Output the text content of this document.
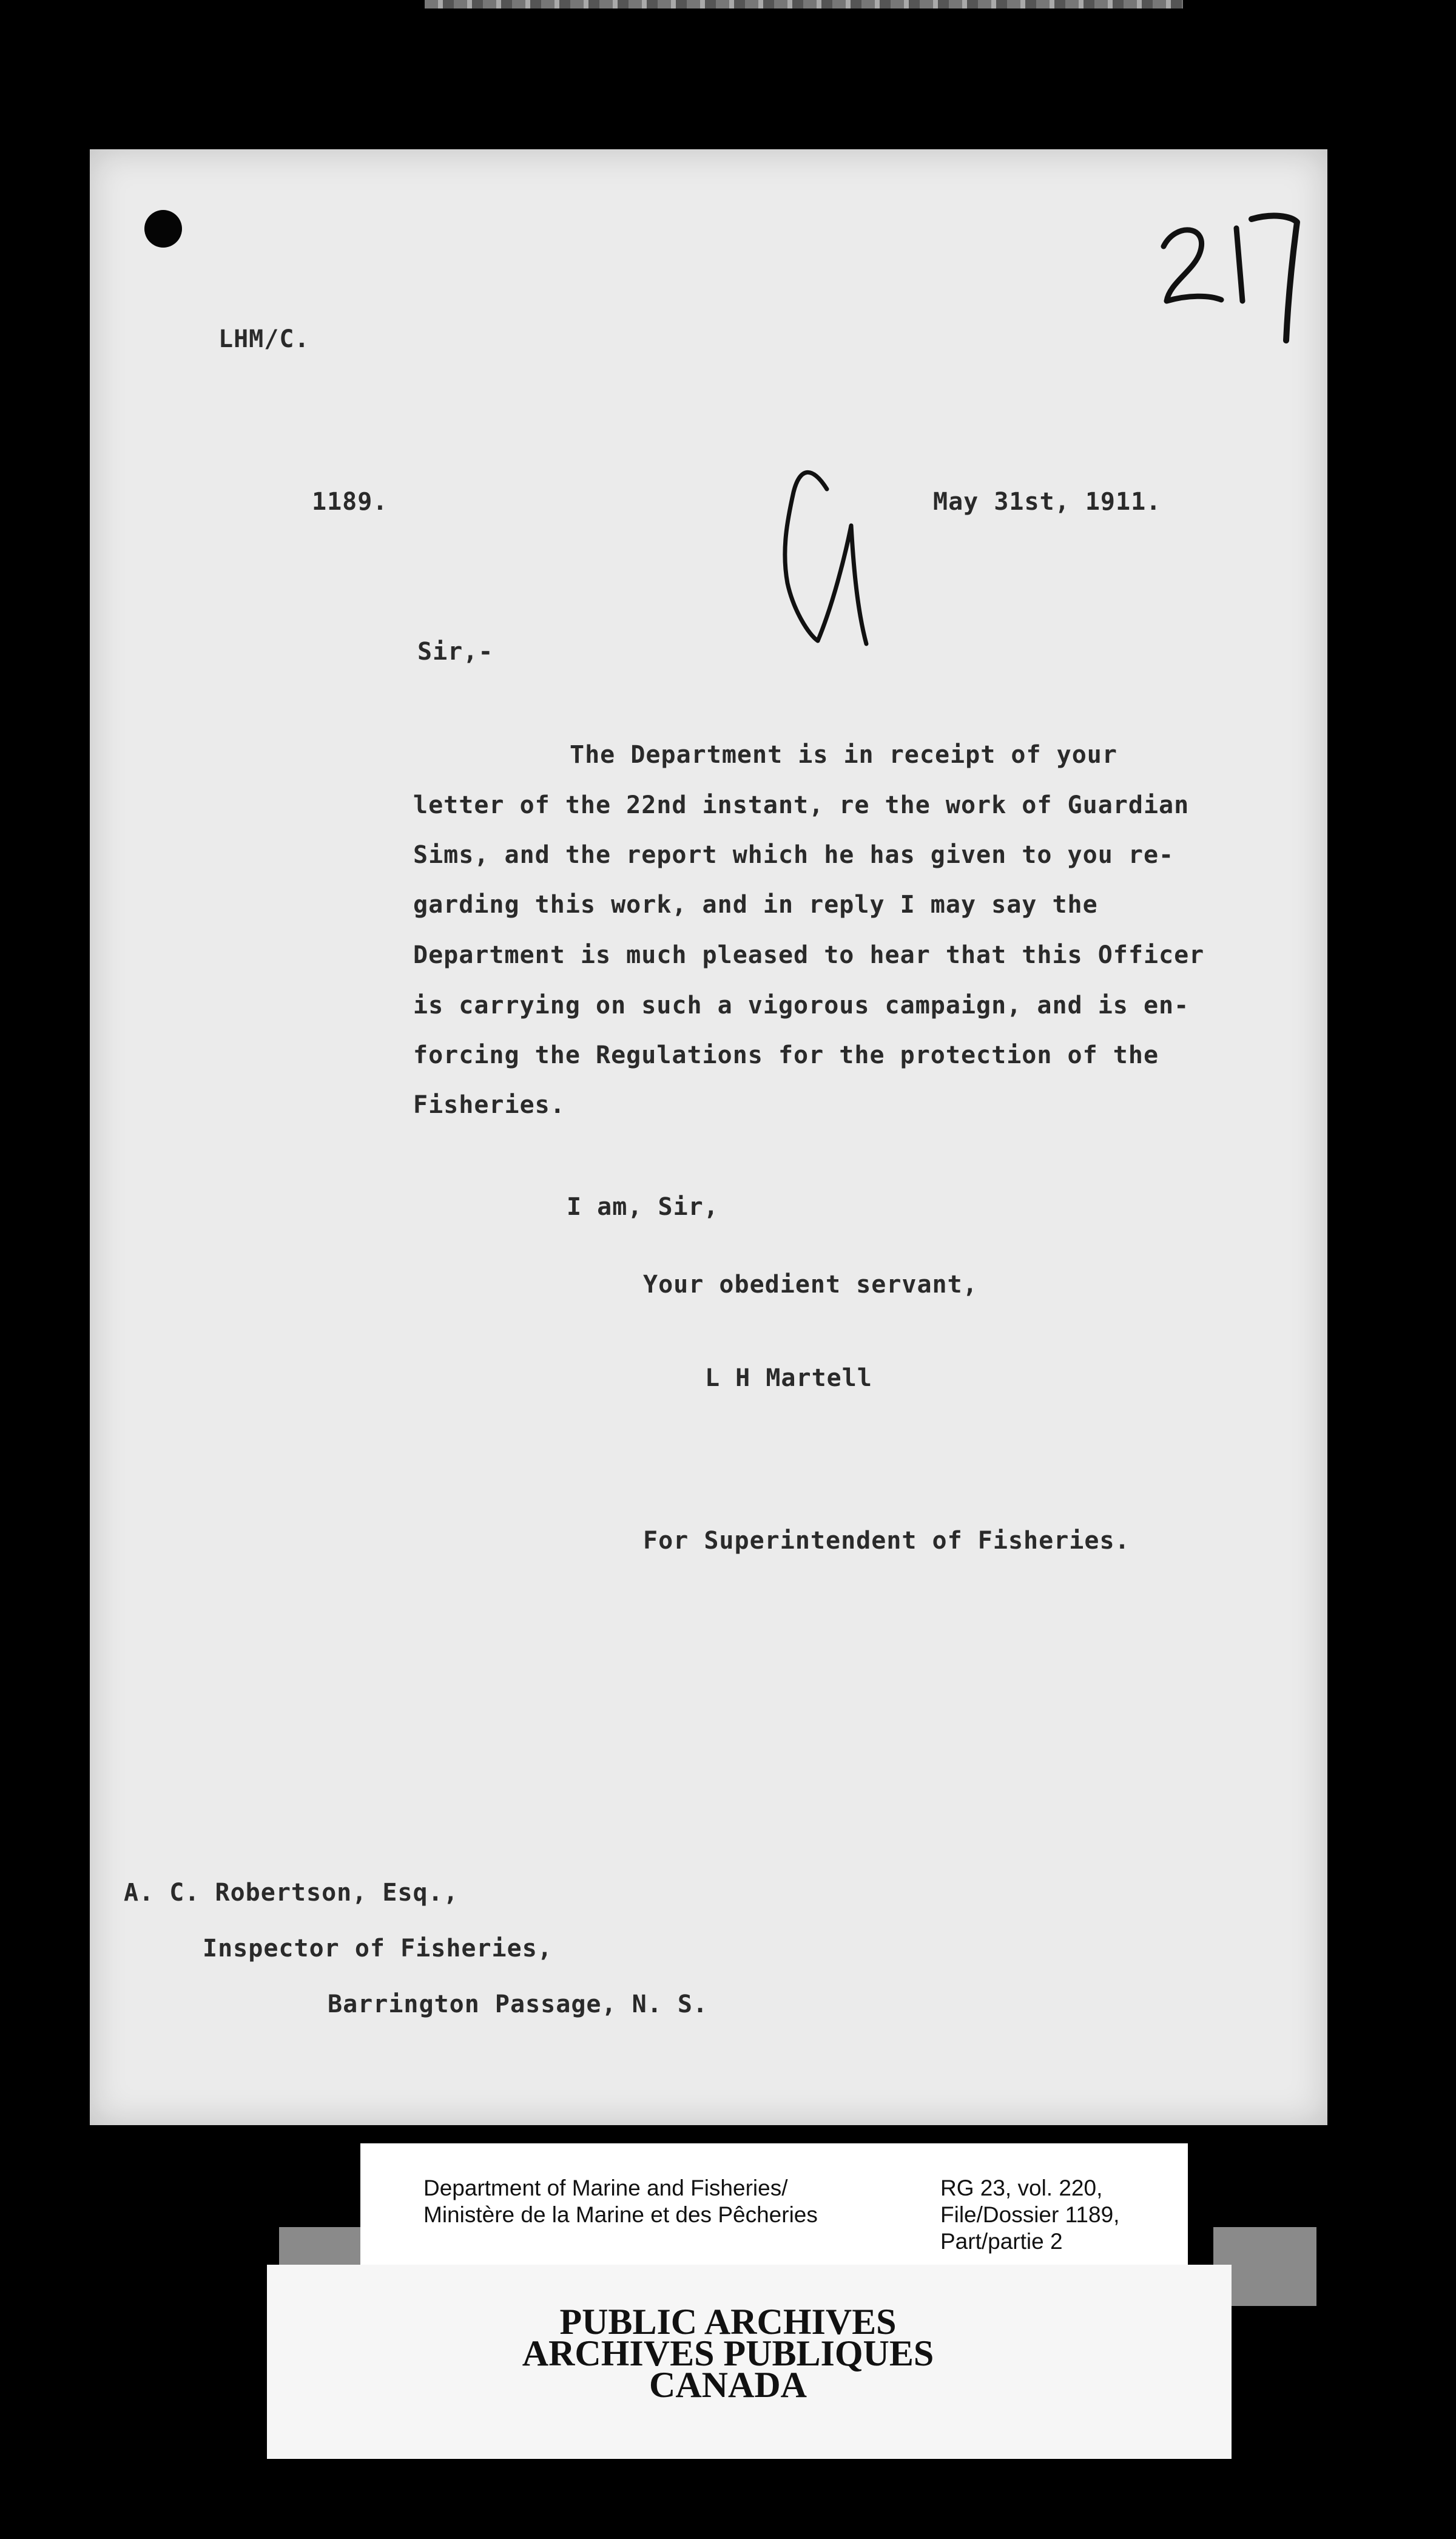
LHM/C.
1189.	May 31st, 1911.
Sir,-
The Department is in receipt of your
letter of the 22nd instant, re the work of Guardian
Sims, and the report which he has given to you re-
garding this work, and in reply I may say the
Department is much pleased to hear that this Officer
is carrying on such a vigorous campaign, and is en-
forcing the Regulations for the protection of the
Fisheries.
I am, Sir,
Your obedient servant,
L H Martell
For Superintendent of Fisheries.
A. C. Robertson, Esq.,
Inspector of Fisheries,
Barrington Passage, N. S.
Department of Marine and Fisheries/
Ministère de la Marine et des Pêcheries
RG 23, vol. 220,
File/Dossier 1189,
Part/partie 2
PUBLIC ARCHIVES
ARCHIVES PUBLIQUES
CANADA
